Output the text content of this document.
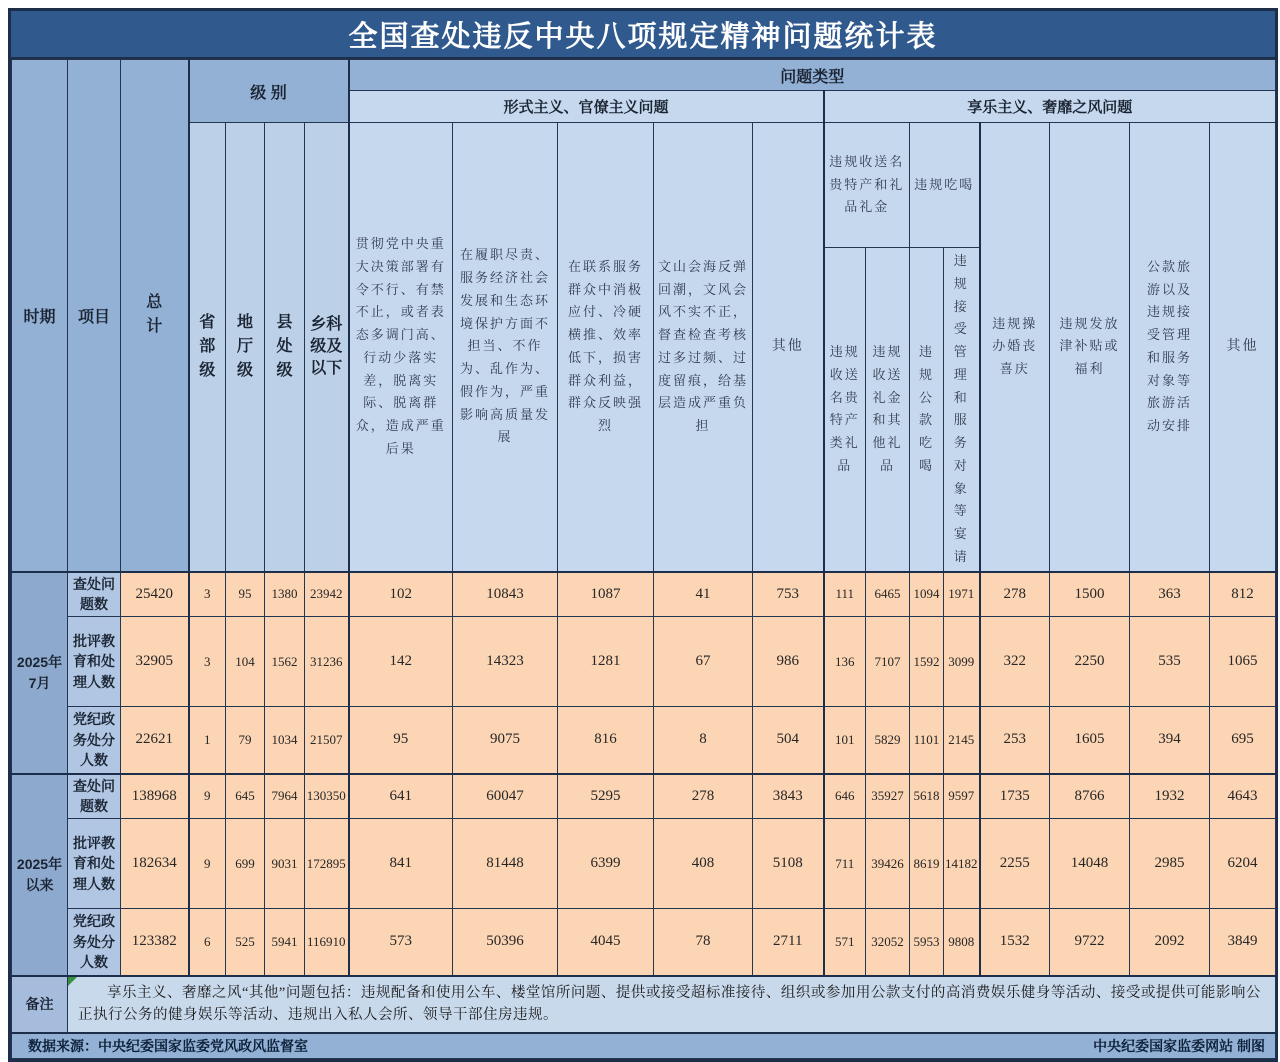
全国查处违反中央八项规定精神问题统计表
时期	项目	总计	级 别				问题类型												
							形式主义、官僚主义问题					享乐主义、奢靡之风问题							
			省部级	地厅级	县处级	乡科级及以下	贯彻党中央重大决策部署有令不行、有禁不止，或者表态多调门高、行动少落实差，脱离实际、脱离群众，造成严重后果	在履职尽责、服务经济社会发展和生态环境保护方面不担当、不作为、乱作为、假作为，严重影响高质量发展	在联系服务群众中消极应付、冷硬横推、效率低下，损害群众利益，群众反映强烈	文山会海反弹回潮，文风会风不实不正，督查检查考核过多过频、过度留痕，给基层造成严重负担	其他	违规收送名贵特产和礼品礼金		违规吃喝		违规操办婚丧喜庆	违规发放津补贴或福利	公款旅游以及违规接受管理和服务对象等旅游活动安排	其他
												违规收送名贵特产类礼品	违规收送礼金和其他礼品	违规公款吃喝	违规接受管理和服务对象等宴请				
2025年7月	查处问题数	25420	3	95	1380	23942	102	10843	1087	41	753	111	6465	1094	1971	278	1500	363	812
	批评教育和处理人数	32905	3	104	1562	31236	142	14323	1281	67	986	136	7107	1592	3099	322	2250	535	1065
	党纪政务处分人数	22621	1	79	1034	21507	95	9075	816	8	504	101	5829	1101	2145	253	1605	394	695
2025年以来	查处问题数	138968	9	645	7964	130350	641	60047	5295	278	3843	646	35927	5618	9597	1735	8766	1932	4643
	批评教育和处理人数	182634	9	699	9031	172895	841	81448	6399	408	5108	711	39426	8619	14182	2255	14048	2985	6204
	党纪政务处分人数	123382	6	525	5941	116910	573	50396	4045	78	2711	571	32052	5953	9808	1532	9722	2092	3849
备注	享乐主义、奢靡之风“其他”问题包括：违规配备和使用公车、楼堂馆所问题、提供或接受超标准接待、组织或参加用公款支付的高消费娱乐健身等活动、接受或提供可能影响公正执行公务的健身娱乐等活动、违规出入私人会所、领导干部住房违规。																		

数据来源：中央纪委国家监委党风政风监督室 中央纪委国家监委网站 制图																			
